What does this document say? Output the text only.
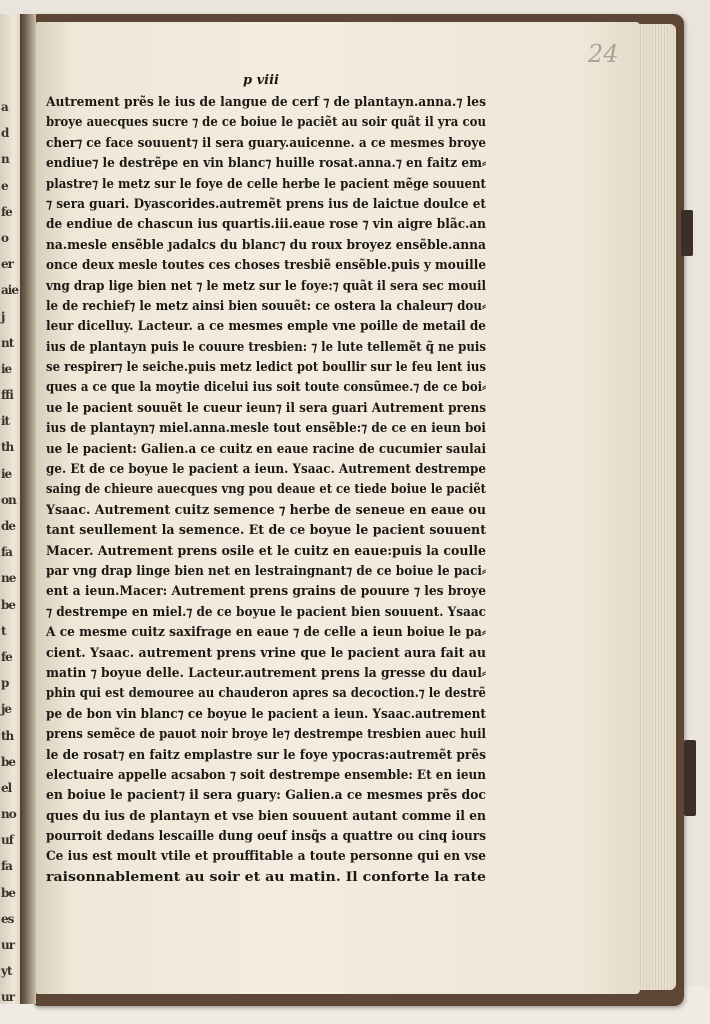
a
d
n
e
fe
o
er
aie
j
nt
ie
ffi
it
th
ie
on
de
fa
ne
be
t
fe
p
je
th
be
el
no
uf
fa
be
es
ur
yt
ur
24
p viii
Autrement prẽs le ius de langue de cerf ⁊ de plantayn.anna.⁊ les
broye auecques sucre ⁊ de ce boiue le paciẽt au soir quãt il yra cou
cher⁊ ce face souuent⁊ il sera guary.auicenne. a ce mesmes broye
endiue⁊ le destrẽpe en vin blanc⁊ huille rosat.anna.⁊ en faitz em⸗
plastre⁊ le metz sur le foye de celle herbe le pacient mẽge souuent
⁊ sera guari. Dyascorides.autremẽt prens ius de laictue doulce et
de endiue de chascun ius quartis.iii.eaue rose ⁊ vin aigre blãc.an
na.mesle ensẽble ȷadalcs du blanc⁊ du roux broyez ensẽble.anna
once deux mesle toutes ces choses tresbiẽ ensẽble.puis y mouille
vng drap lige bien net ⁊ le metz sur le foye:⁊ quãt il sera sec mouil
le de rechief⁊ le metz ainsi bien souuẽt: ce ostera la chaleur⁊ dou⸗
leur dicelluy. Lacteur. a ce mesmes emple vne poille de metail de
ius de plantayn puis le couure tresbien: ⁊ le lute tellemẽt q̃ ne puis
se respirer⁊ le seiche.puis metz ledict pot boullir sur le feu lent ius
ques a ce que la moytie dicelui ius soit toute consũmee.⁊ de ce boi⸗
ue le pacient souuẽt le cueur ieun⁊ il sera guari Autrement prens
ius de plantayn⁊ miel.anna.mesle tout ensẽble:⁊ de ce en ieun boi
ue le pacient: Galien.a ce cuitz en eaue racine de cucumier saulai
ge. Et de ce boyue le pacient a ieun. Ysaac. Autrement destrempe
saing de chieure auecques vng pou deaue et ce tiede boiue le paciẽt
Ysaac. Autrement cuitz semence ⁊ herbe de seneue en eaue ou
tant seullement la semence. Et de ce boyue le pacient souuent
Macer. Autrement prens osile et le cuitz en eaue:puis la coulle
par vng drap linge bien net en lestraingnant⁊ de ce boiue le paci⸗
ent a ieun.Macer: Autrement prens grains de pouure ⁊ les broye
⁊ destrempe en miel.⁊ de ce boyue le pacient bien souuent. Ysaac
A ce mesme cuitz saxifrage en eaue ⁊ de celle a ieun boiue le pa⸗
cient. Ysaac. autrement prens vrine que le pacient aura fait au
matin ⁊ boyue delle. Lacteur.autrement prens la gresse du daul⸗
phin qui est demouree au chauderon apres sa decoction.⁊ le destrẽ
pe de bon vin blanc⁊ ce boyue le pacient a ieun. Ysaac.autrement
prens semẽce de pauot noir broye le⁊ destrempe tresbien auec huil
le de rosat⁊ en faitz emplastre sur le foye ypocras:autremẽt prẽs
electuaire appelle acsabon ⁊ soit destrempe ensemble: Et en ieun
en boiue le pacient⁊ il sera guary: Galien.a ce mesmes prẽs doc
ques du ius de plantayn et vse bien souuent autant comme il en
pourroit dedans lescaille dung oeuf insq̃s a quattre ou cinq iours
Ce ius est moult vtile et prouffitable a toute personne qui en vse
raisonnablement au soir et au matin. Il conforte la rate
